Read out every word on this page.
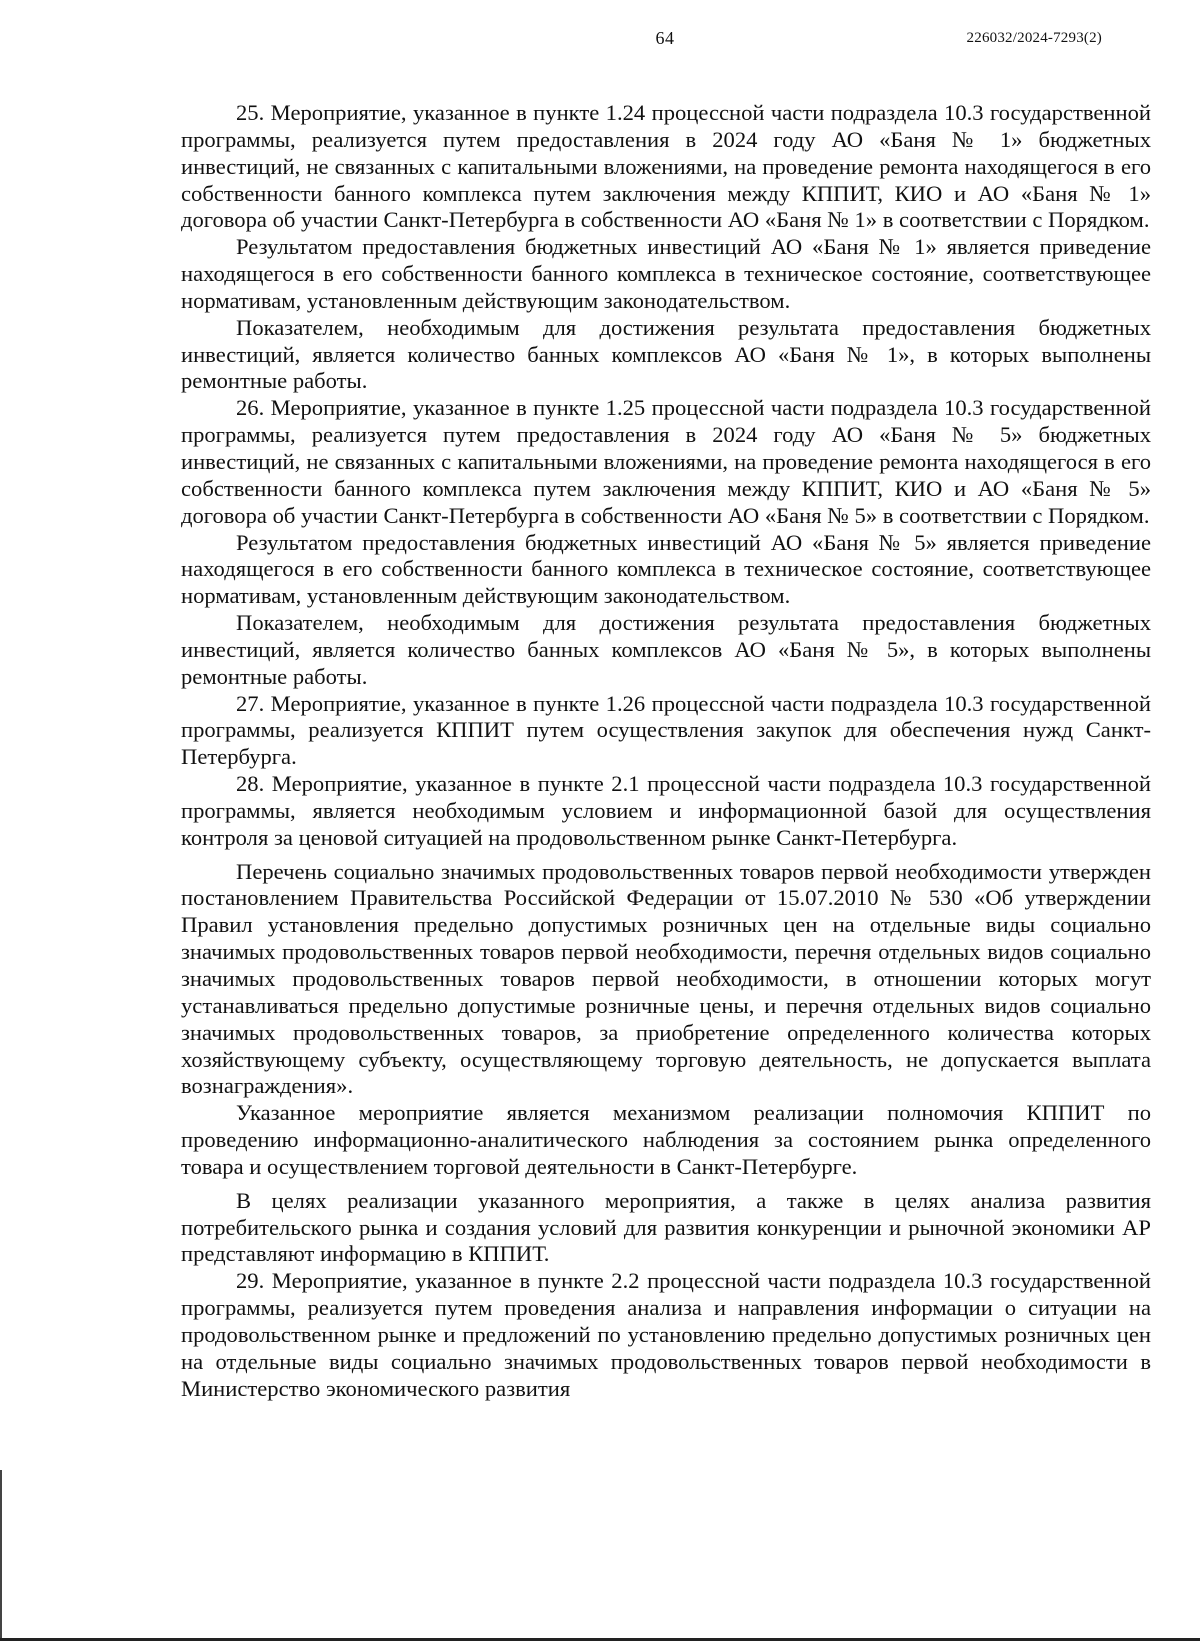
64	226032/2024-7293(2)

25. Мероприятие, указанное в пункте 1.24 процессной части подраздела 10.3 государственной программы, реализуется путем предоставления в 2024 году АО «Баня № 1» бюджетных инвестиций, не связанных с капитальными вложениями, на проведение ремонта находящегося в его собственности банного комплекса путем заключения между КППИТ, КИО и АО «Баня № 1» договора об участии Санкт-Петербурга в собственности АО «Баня № 1» в соответствии с Порядком.

Результатом предоставления бюджетных инвестиций АО «Баня № 1» является приведение находящегося в его собственности банного комплекса в техническое состояние, соответствующее нормативам, установленным действующим законодательством.

Показателем, необходимым для достижения результата предоставления бюджетных инвестиций, является количество банных комплексов АО «Баня № 1», в которых выполнены ремонтные работы.

26. Мероприятие, указанное в пункте 1.25 процессной части подраздела 10.3 государственной программы, реализуется путем предоставления в 2024 году АО «Баня № 5» бюджетных инвестиций, не связанных с капитальными вложениями, на проведение ремонта находящегося в его собственности банного комплекса путем заключения между КППИТ, КИО и АО «Баня № 5» договора об участии Санкт-Петербурга в собственности АО «Баня № 5» в соответствии с Порядком.

Результатом предоставления бюджетных инвестиций АО «Баня № 5» является приведение находящегося в его собственности банного комплекса в техническое состояние, соответствующее нормативам, установленным действующим законодательством.

Показателем, необходимым для достижения результата предоставления бюджетных инвестиций, является количество банных комплексов АО «Баня № 5», в которых выполнены ремонтные работы.

27. Мероприятие, указанное в пункте 1.26 процессной части подраздела 10.3 государственной программы, реализуется КППИТ путем осуществления закупок для обеспечения нужд Санкт-Петербурга.

28. Мероприятие, указанное в пункте 2.1 процессной части подраздела 10.3 государственной программы, является необходимым условием и информационной базой для осуществления контроля за ценовой ситуацией на продовольственном рынке Санкт-Петербурга.

Перечень социально значимых продовольственных товаров первой необходимости утвержден постановлением Правительства Российской Федерации от 15.07.2010 № 530 «Об утверждении Правил установления предельно допустимых розничных цен на отдельные виды социально значимых продовольственных товаров первой необходимости, перечня отдельных видов социально значимых продовольственных товаров первой необходимости, в отношении которых могут устанавливаться предельно допустимые розничные цены, и перечня отдельных видов социально значимых продовольственных товаров, за приобретение определенного количества которых хозяйствующему субъекту, осуществляющему торговую деятельность, не допускается выплата вознаграждения».

Указанное мероприятие является механизмом реализации полномочия КППИТ по проведению информационно-аналитического наблюдения за состоянием рынка определенного товара и осуществлением торговой деятельности в Санкт-Петербурге.

В целях реализации указанного мероприятия, а также в целях анализа развития потребительского рынка и создания условий для развития конкуренции и рыночной экономики АР представляют информацию в КППИТ.

29. Мероприятие, указанное в пункте 2.2 процессной части подраздела 10.3 государственной программы, реализуется путем проведения анализа и направления информации о ситуации на продовольственном рынке и предложений по установлению предельно допустимых розничных цен на отдельные виды социально значимых продовольственных товаров первой необходимости в Министерство экономического развития
